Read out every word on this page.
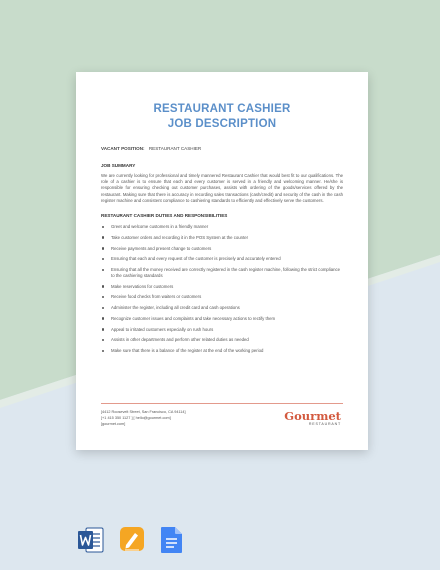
RESTAURANT CASHIER
JOB DESCRIPTION
VACANT POSITION: RESTAURANT CASHIER
JOB SUMMARY

We are currently looking for professional and timely mannered Restaurant Cashier that would best fit to our qualifications. The role of a cashier is to ensure that each and every customer is served in a friendly and welcoming manner. He/she is responsible for ensuring checking out customer purchases, assists with ordering of the goods/services offered by the restaurant. Making sure that there is accuracy in recording sales transactions (cash/credit) and security of the cash in the cash register machine and consistent compliance to cashiering standards to efficiently and effectively serve the customers.

RESTAURANT CASHIER DUTIES AND RESPONSIBILITIES
Greet and welcome customers in a friendly manner
Take customer orders and recording it in the POS System at the counter
Receive payments and present change to customers
Ensuring that each and every request of the customer is precisely and accurately entered
Ensuring that all the money received are correctly registered in the cash register machine, following the strict compliance to the cashiering standards
Make reservations for customers
Receive food checks from waiters or customers
Administer the register, including all credit card and cash operations
Recognize customer issues and complaints and take necessary actions to rectify them
Appeal to irritated customers especially on rush hours
Assists in other departments and perform other related duties as needed
Make sure that there is a balance of the register at the end of the working period
[4412 Roosevelt Street, San Francisco, CA 94114]
[+1 415 350 1127 ] [ hello@gourmet.com]
[gourmet.com]
Gourmet
RESTAURANT
